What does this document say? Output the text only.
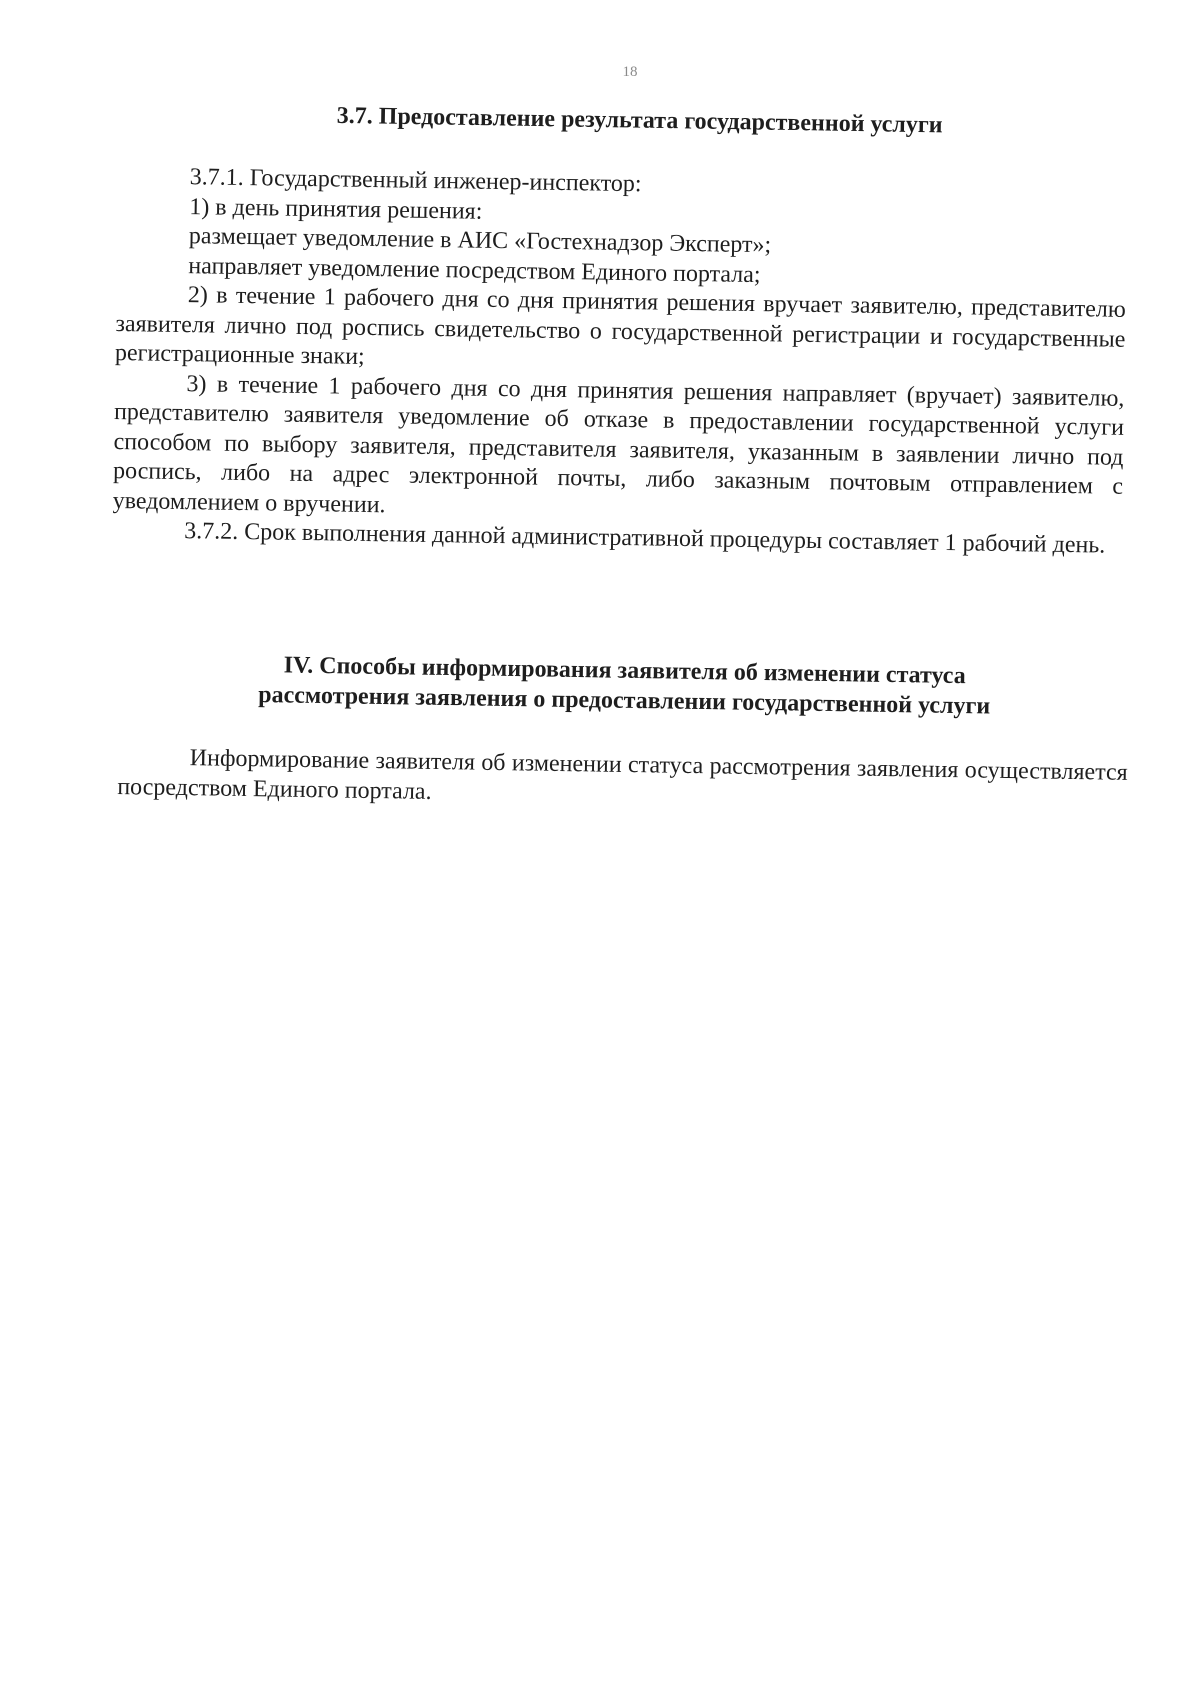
18
3.7. Предоставление результата государственной услуги

3.7.1. Государственный инженер-инспектор:

1) в день принятия решения:

размещает уведомление в АИС «Гостехнадзор Эксперт»;

направляет уведомление посредством Единого портала;

2) в течение 1 рабочего дня со дня принятия решения вручает заявителю, представителю заявителя лично под роспись свидетельство о государственной регистрации и государственные регистрационные знаки;

3) в течение 1 рабочего дня со дня принятия решения направляет (вручает) заявителю, представителю заявителя уведомление об отказе в предоставлении государственной услуги способом по выбору заявителя, представителя заявителя, указанным в заявлении лично под роспись, либо на адрес электронной почты, либо заказным почтовым отправлением с уведомлением о вручении.

3.7.2. Срок выполнения данной административной процедуры составляет 1 рабочий день.

IV. Способы информирования заявителя об изменении статуса
рассмотрения заявления о предоставлении государственной услуги

Информирование заявителя об изменении статуса рассмотрения заявления осуществляется посредством Единого портала.
